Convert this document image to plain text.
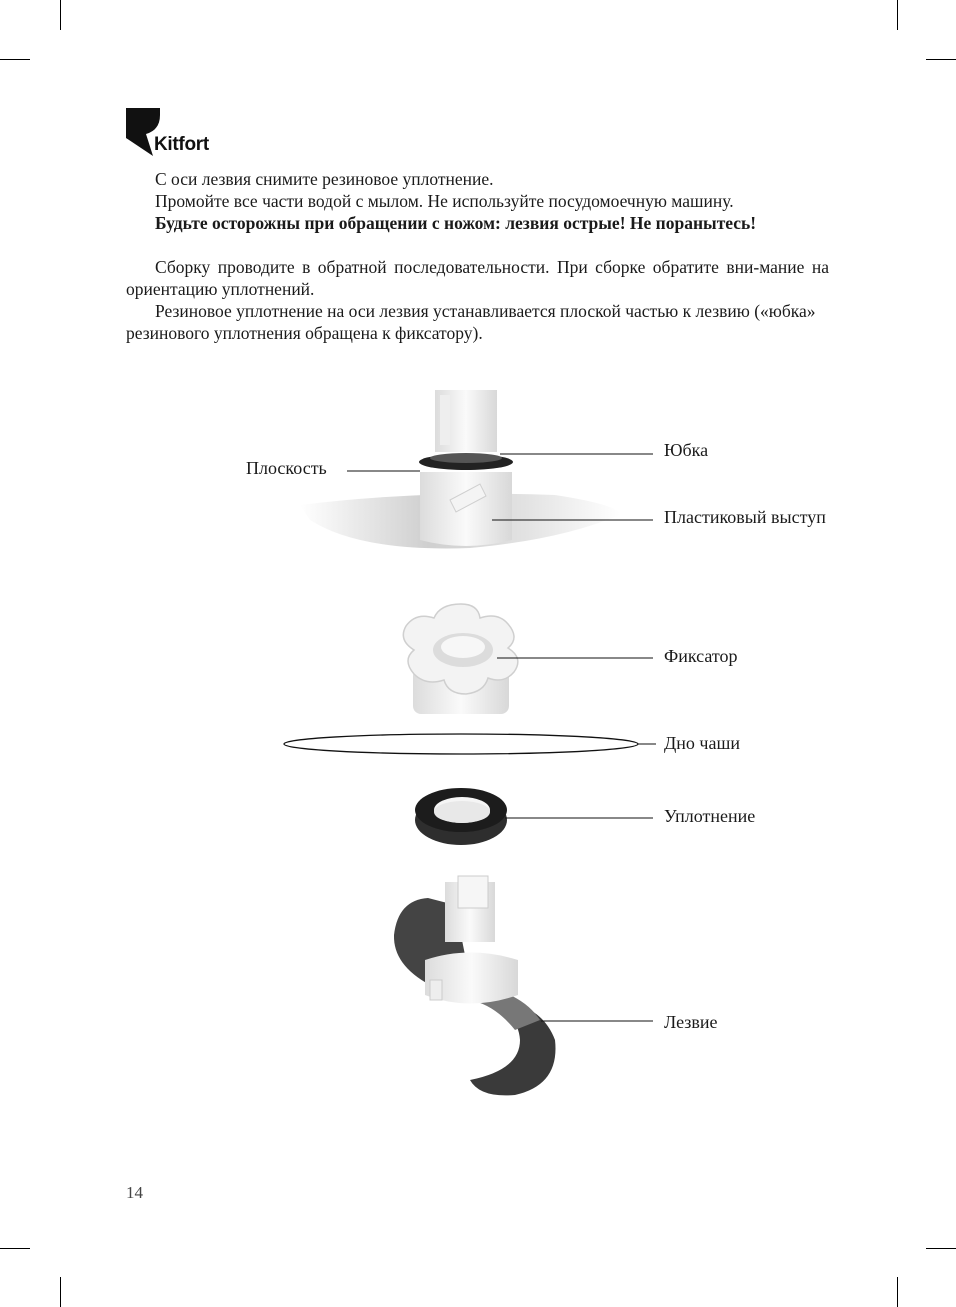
Kitfort

С оси лезвия снимите резиновое уплотнение.

Промойте все части водой с мылом. Не используйте посудомоечную машину.

Будьте осторожны при обращении с ножом: лезвия острые! Не поранытесь!

Сборку проводите в обратной последовательности. При сборке обратите вни-мание на ориентацию уплотнений.

Резиновое уплотнение на оси лезвия устанавливается плоской частью к лезвию («юбка» резинового уплотнения обращена к фиксатору).

Плоскость
Юбка
Пластиковый выступ
Фиксатор
Дно чаши
Уплотнение
Лезвие
14
